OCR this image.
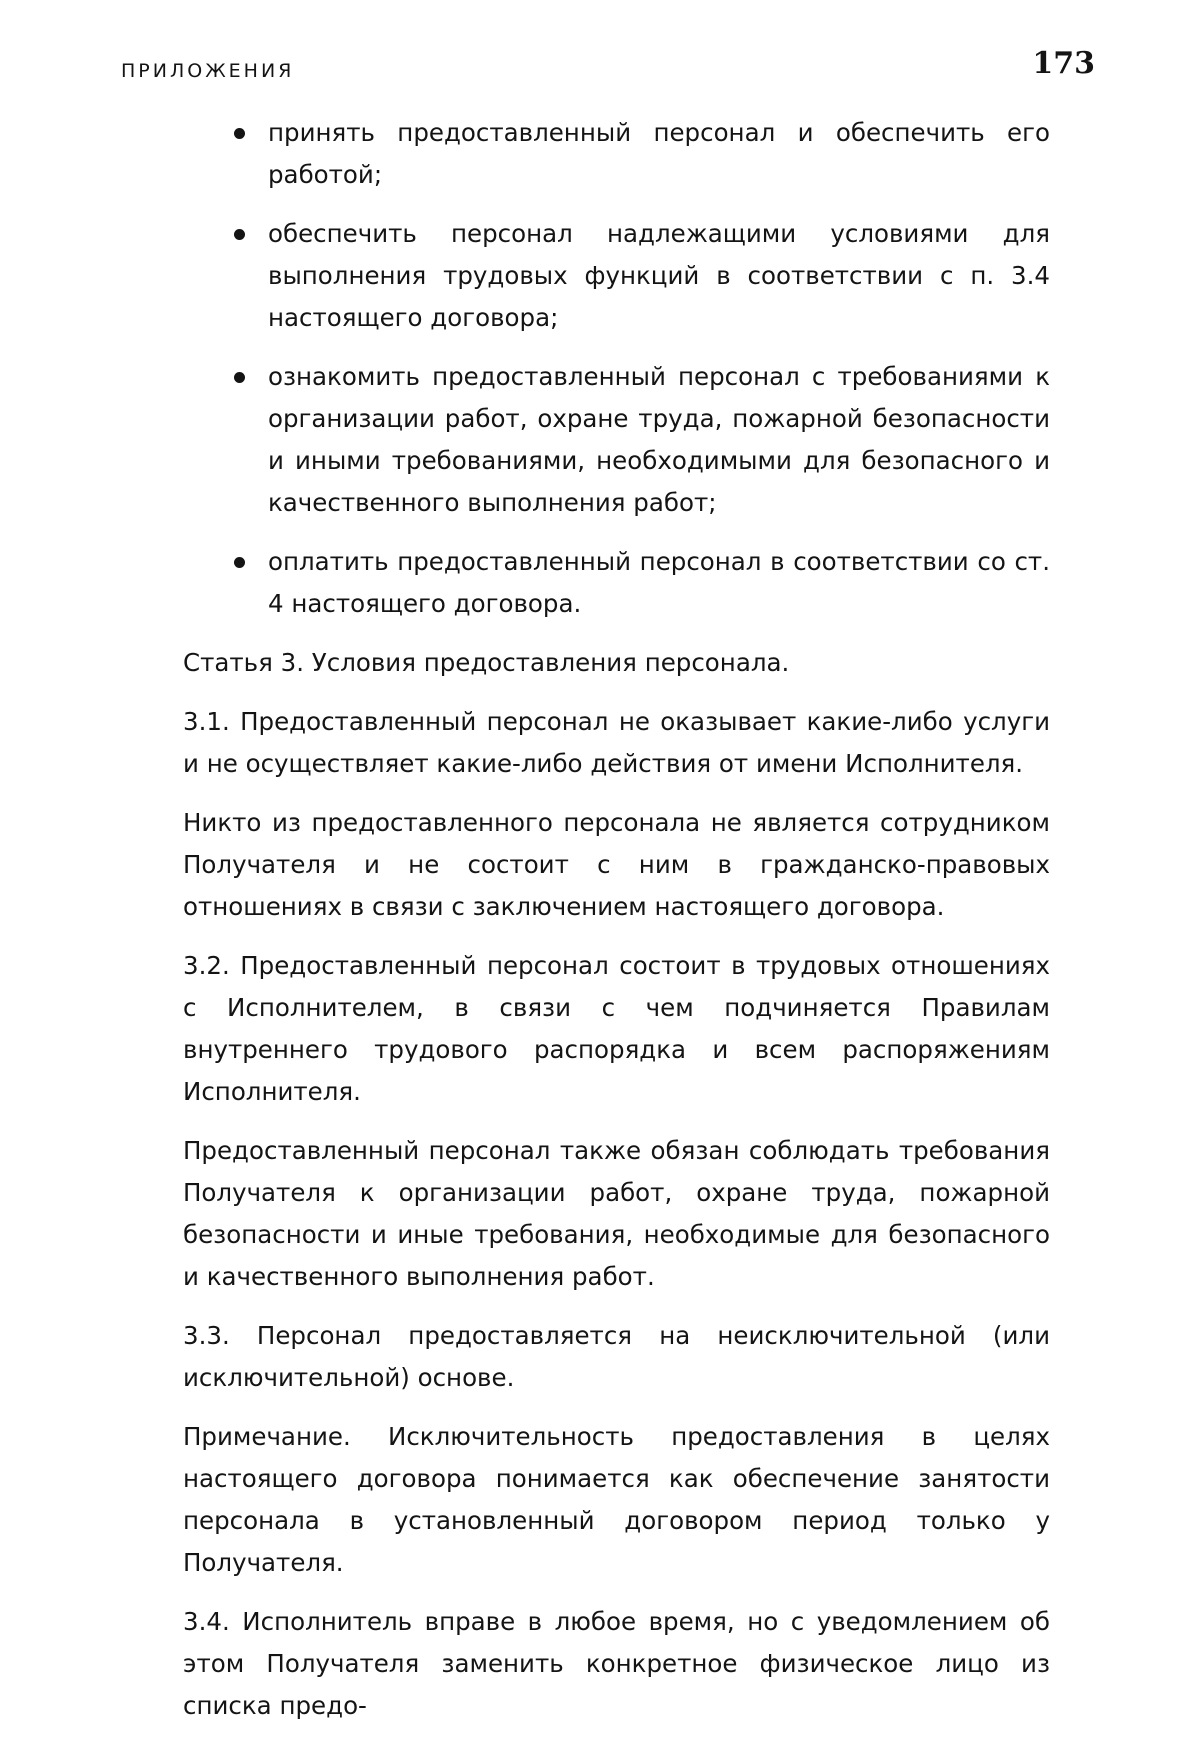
ПРИЛОЖЕНИЯ	173
принять предоставленный персонал и обеспечить его работой;
обеспечить персонал надлежащими условиями для выполнения трудовых функций в соответствии с п. 3.4 настоящего договора;
ознакомить предоставленный персонал с требованиями к организации работ, охране труда, пожарной безопасности и иными требованиями, необходимыми для безопасного и качественного выполнения работ;
оплатить предоставленный персонал в соответствии со ст. 4 настоящего договора.

Статья 3. Условия предоставления персонала.

3.1. Предоставленный персонал не оказывает какие-либо услуги и не осуществляет какие-либо действия от имени Исполнителя.

Никто из предоставленного персонала не является сотрудником Получателя и не состоит с ним в гражданско-правовых отношениях в связи с заключением настоящего договора.

3.2. Предоставленный персонал состоит в трудовых отношениях с Исполнителем, в связи с чем подчиняется Правилам внутреннего трудового распорядка и всем распоряжениям Исполнителя.

Предоставленный персонал также обязан соблюдать требования Получателя к организации работ, охране труда, пожарной безопасности и иные требования, необходимые для безопасного и качественного выполнения работ.

3.3. Персонал предоставляется на неисключительной (или исключительной) основе.

Примечание. Исключительность предоставления в целях настоящего договора понимается как обеспечение занятости персонала в установленный договором период только у Получателя.

3.4. Исполнитель вправе в любое время, но с уведомлением об этом Получателя заменить конкретное физическое лицо из списка предо-
